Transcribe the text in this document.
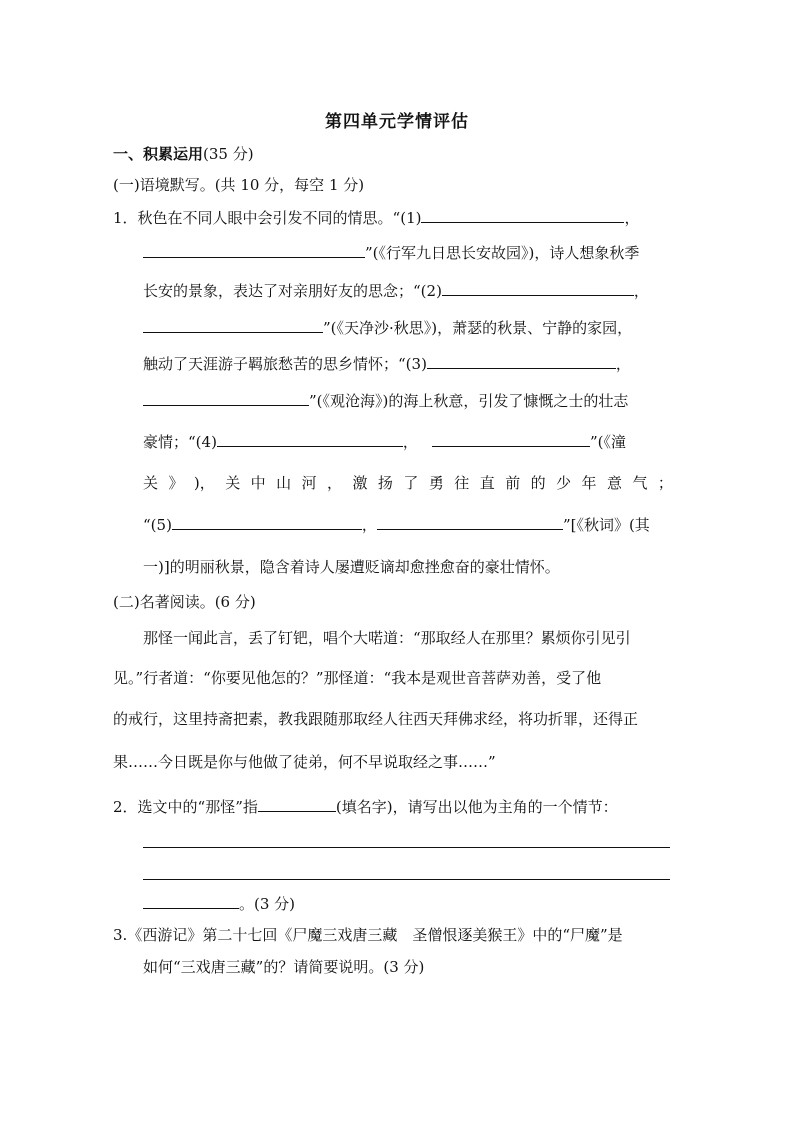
第四单元学情评估
一、积累运用(35 分)
(一)语境默写。(共 10 分，每空 1 分)
1．秋色在不同人眼中会引发不同的情思。“(1)	，
”(《行军九日思长安故园》)，诗人想象秋季
长安的景象，表达了对亲朋好友的思念；“(2)	，
”(《天净沙·秋思》)，萧瑟的秋景、宁静的家园，
触动了天涯游子羁旅愁苦的思乡情怀；“(3)	，
”(《观沧海》)的海上秋意，引发了慷慨之士的壮志
豪情；“(4)	，	”(《潼
关 》 )， 关 中 山 河 ， 激 扬 了 勇 往 直 前 的 少 年 意 气 ；
“(5)	，	”[《秋词》(其
一)]的明丽秋景，隐含着诗人屡遭贬谪却愈挫愈奋的豪壮情怀。
(二)名著阅读。(6 分)
那怪一闻此言，丢了钉钯，唱个大喏道：“那取经人在那里？累烦你引见引
见。”行者道：“你要见他怎的？”那怪道：“我本是观世音菩萨劝善，受了他
的戒行，这里持斋把素，教我跟随那取经人往西天拜佛求经，将功折罪，还得正
果……今日既是你与他做了徒弟，何不早说取经之事……”
2．选文中的“那怪”指	(填名字)，请写出以他为主角的一个情节：
。(3 分)
3.《西游记》第二十七回《尸魔三戏唐三藏　圣僧恨逐美猴王》中的“尸魔”是
如何“三戏唐三藏”的？请简要说明。(3 分)
